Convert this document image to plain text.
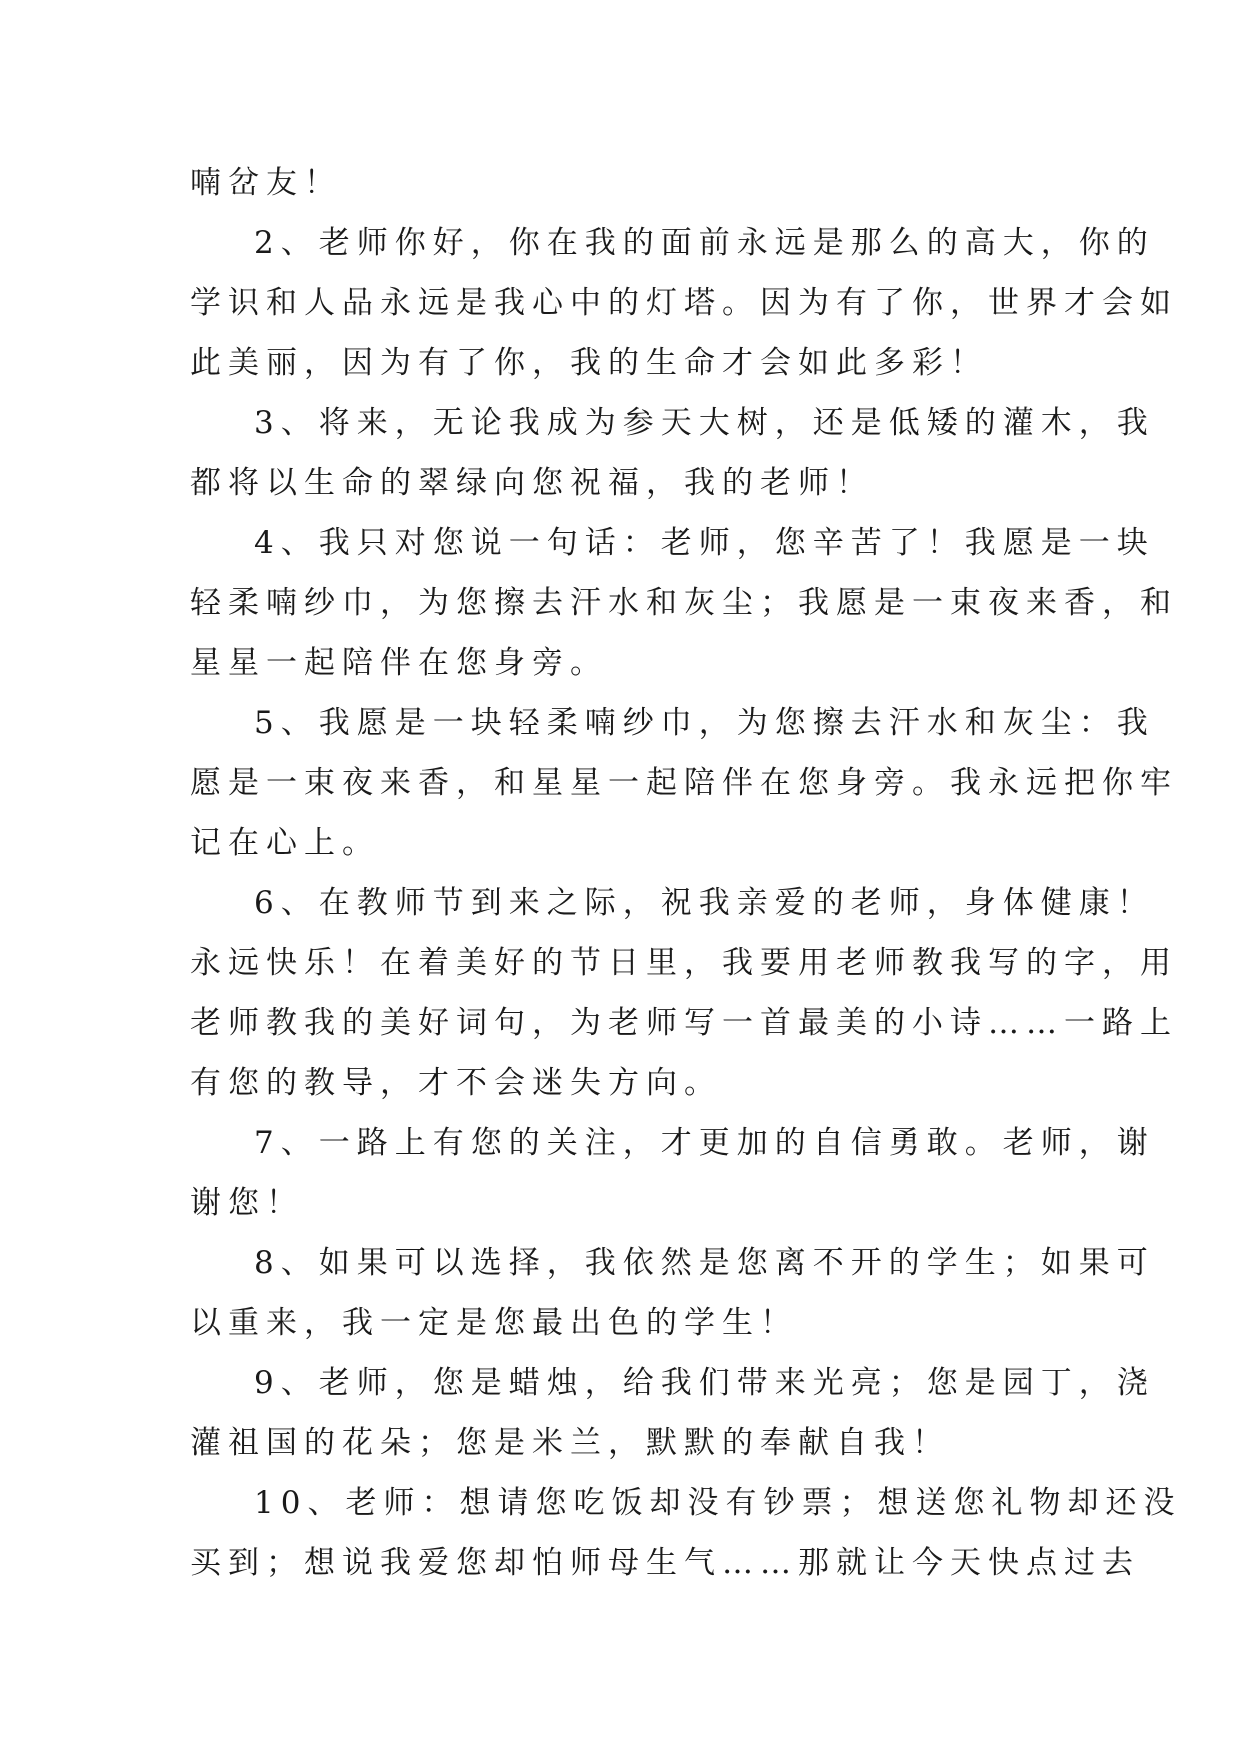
喃岔友！
2、老师你好，你在我的面前永远是那么的高大，你的
学识和人品永远是我心中的灯塔。因为有了你，世界才会如
此美丽，因为有了你，我的生命才会如此多彩！
3、将来，无论我成为参天大树，还是低矮的灌木，我
都将以生命的翠绿向您祝福，我的老师！
4、我只对您说一句话：老师，您辛苦了！我愿是一块
轻柔喃纱巾，为您擦去汗水和灰尘；我愿是一束夜来香，和
星星一起陪伴在您身旁。
5、我愿是一块轻柔喃纱巾，为您擦去汗水和灰尘：我
愿是一束夜来香，和星星一起陪伴在您身旁。我永远把你牢
记在心上。
6、在教师节到来之际，祝我亲爱的老师，身体健康！
永远快乐！在着美好的节日里，我要用老师教我写的字，用
老师教我的美好词句，为老师写一首最美的小诗……一路上
有您的教导，才不会迷失方向。
7、一路上有您的关注，才更加的自信勇敢。老师，谢
谢您！
8、如果可以选择，我依然是您离不开的学生；如果可
以重来，我一定是您最出色的学生！
9、老师，您是蜡烛，给我们带来光亮；您是园丁，浇
灌祖国的花朵；您是米兰，默默的奉献自我！
10、老师：想请您吃饭却没有钞票；想送您礼物却还没
买到；想说我爱您却怕师母生气……那就让今天快点过去
